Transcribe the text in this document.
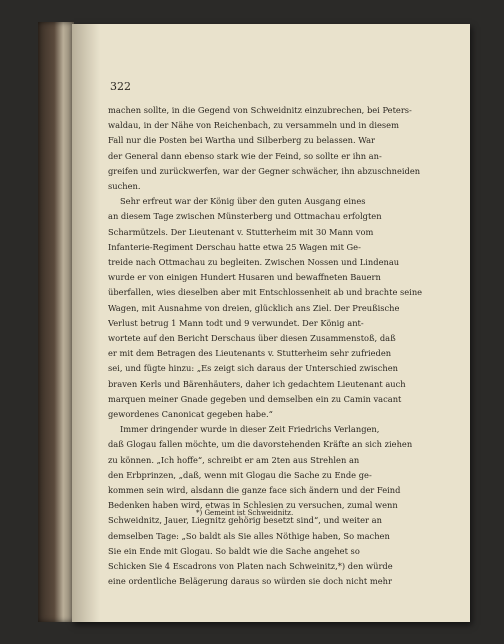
322
machen sollte, in die Gegend von Schweidnitz einzubrechen, bei Peters-
waldau, in der Nähe von Reichenbach, zu versammeln und in diesem
Fall nur die Posten bei Wartha und Silberberg zu belassen. War
der General dann ebenso stark wie der Feind, so sollte er ihn an-
greifen und zurückwerfen, war der Gegner schwächer, ihn abzuschneiden
suchen.
Sehr erfreut war der König über den guten Ausgang eines
an diesem Tage zwischen Münsterberg und Ottmachau erfolgten
Scharmützels. Der Lieutenant v. Stutterheim mit 30 Mann vom
Infanterie-Regiment Derschau hatte etwa 25 Wagen mit Ge-
treide nach Ottmachau zu begleiten. Zwischen Nossen und Lindenau
wurde er von einigen Hundert Husaren und bewaffneten Bauern
überfallen, wies dieselben aber mit Entschlossenheit ab und brachte seine
Wagen, mit Ausnahme von dreien, glücklich ans Ziel. Der Preußische
Verlust betrug 1 Mann todt und 9 verwundet. Der König ant-
wortete auf den Bericht Derschaus über diesen Zusammenstoß, daß
er mit dem Betragen des Lieutenants v. Stutterheim sehr zufrieden
sei, und fügte hinzu: „Es zeigt sich daraus der Unterschied zwischen
braven Kerls und Bärenhäuters, daher ich gedachtem Lieutenant auch
marquen meiner Gnade gegeben und demselben ein zu Camin vacant
gewordenes Canonicat gegeben habe.“
Immer dringender wurde in dieser Zeit Friedrichs Verlangen,
daß Glogau fallen möchte, um die davorstehenden Kräfte an sich ziehen
zu können. „Ich hoffe“, schreibt er am 2ten aus Strehlen an
den Erbprinzen, „daß, wenn mit Glogau die Sache zu Ende ge-
kommen sein wird, alsdann die ganze face sich ändern und der Feind
Bedenken haben wird, etwas in Schlesien zu versuchen, zumal wenn
Schweidnitz, Jauer, Liegnitz gehörig besetzt sind“, und weiter an
demselben Tage: „So baldt als Sie alles Nöthige haben, So machen
Sie ein Ende mit Glogau. So baldt wie die Sache angehet so
Schicken Sie 4 Escadrons von Platen nach Schweinitz,*) den würde
eine ordentliche Belägerung daraus so würden sie doch nicht mehr
*) Gemeint ist Schweidnitz.
